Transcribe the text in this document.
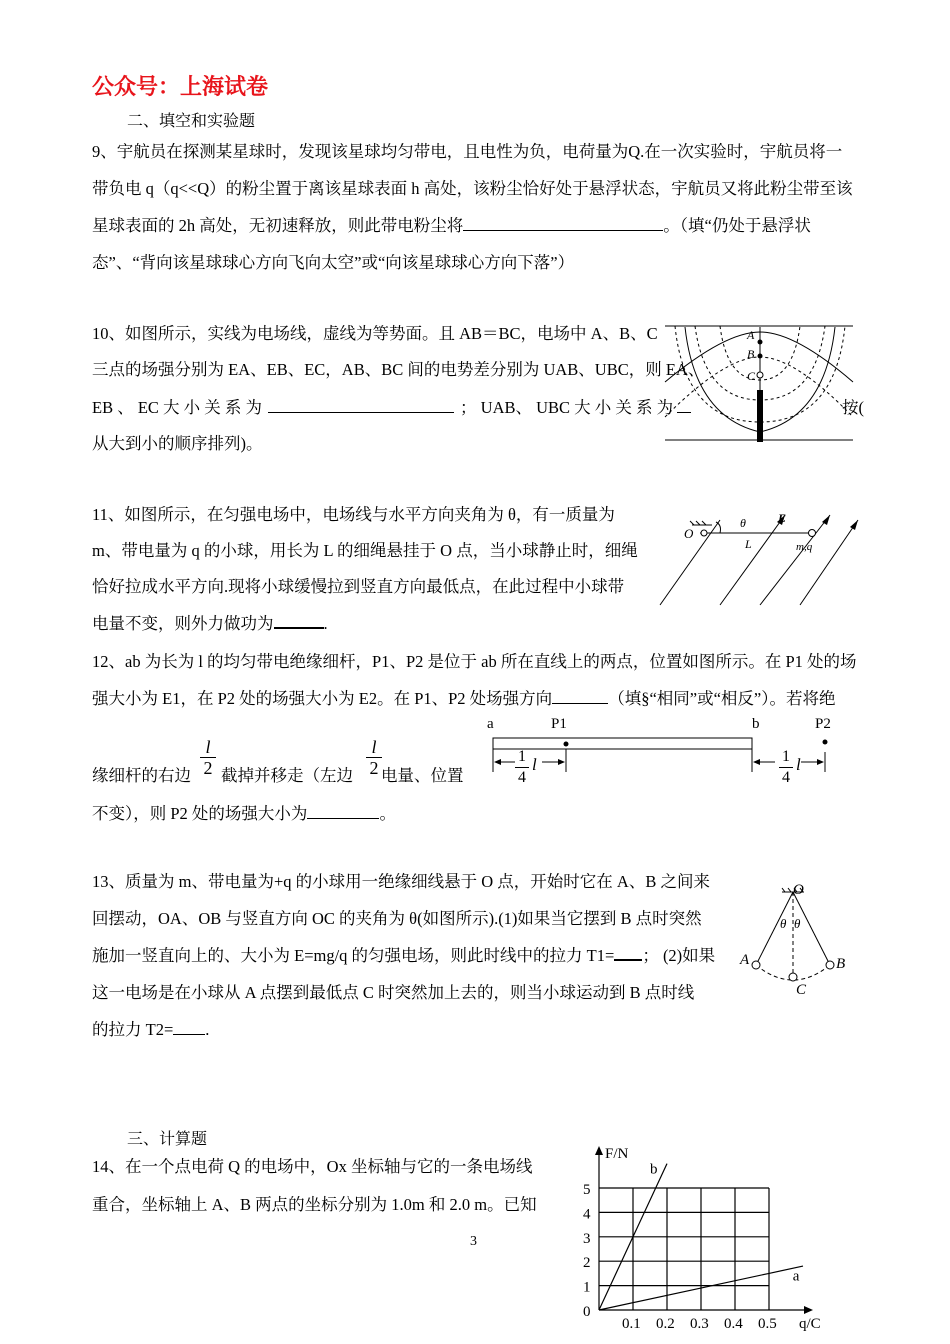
公众号：上海试卷
二、填空和实验题
9、宇航员在探测某星球时，发现该星球均匀带电，且电性为负，电荷量为Q.在一次实验时，宇航员将一
带负电 q（q<<Q）的粉尘置于离该星球表面 h 高处，该粉尘恰好处于悬浮状态，宇航员又将此粉尘带至该
星球表面的 2h 高处，无初速释放，则此带电粉尘将	。（填“仍处于悬浮状
态”、“背向该星球球心方向飞向太空”或“向该星球球心方向下落”）
10、如图所示，实线为电场线，虚线为等势面。且 AB＝BC，电场中 A、B、C
三点的场强分别为 EA、EB、EC，AB、BC 间的电势差分别为 UAB、UBC，则 EA、
EB 、 EC 大 小 关 系 为	； UAB、 UBC 大 小 关 系 为	按(
从大到小的顺序排列)。
A
B
C
11、如图所示，在匀强电场中，电场线与水平方向夹角为 θ，有一质量为
m、带电量为 q 的小球，用长为 L 的细绳悬挂于 O 点，当小球静止时，细绳
恰好拉成水平方向.现将小球缓慢拉到竖直方向最低点，在此过程中小球带
电量不变，则外力做功为	.
O
θ	E
L	m,q
12、ab 为长为 l 的均匀带电绝缘细杆，P1、P2 是位于 ab 所在直线上的两点，位置如图所示。在 P1 处的场
强大小为 E1，在 P2 处的场强大小为 E2。在 P1、P2 处场强方向	（填§“相同”或“相反”）。若将绝
缘细杆的右边 截掉并移走（左边 电量、位置
$\frac{l}{2}$	$\frac{l}{2}$
不变），则 P2 处的场强大小为	。
a	P1	b	P2
$\frac{1}{4}$ l	$\frac{1}{4}$ l
13、质量为 m、带电量为+q 的小球用一绝缘细线悬于 O 点，开始时它在 A、B 之间来
回摆动，OA、OB 与竖直方向 OC 的夹角为 θ(如图所示).(1)如果当它摆到 B 点时突然
施加一竖直向上的、大小为 E=mg/q 的匀强电场，则此时线中的拉力 T1= ； (2)如果
这一电场是在小球从 A 点摆到最低点 C 时突然加上去的，则当小球运动到 B 点时线
的拉力 T2= .
O
θ θ
A	B
C
三、计算题
14、在一个点电荷 Q 的电场中，Ox 坐标轴与它的一条电场线
重合，坐标轴上 A、B 两点的坐标分别为 1.0m 和 2.0 m。已知
3
0
1
2
3
4
5
0.1 0.2 0.3 0.4 0.5
F/N
q/C
b
a
